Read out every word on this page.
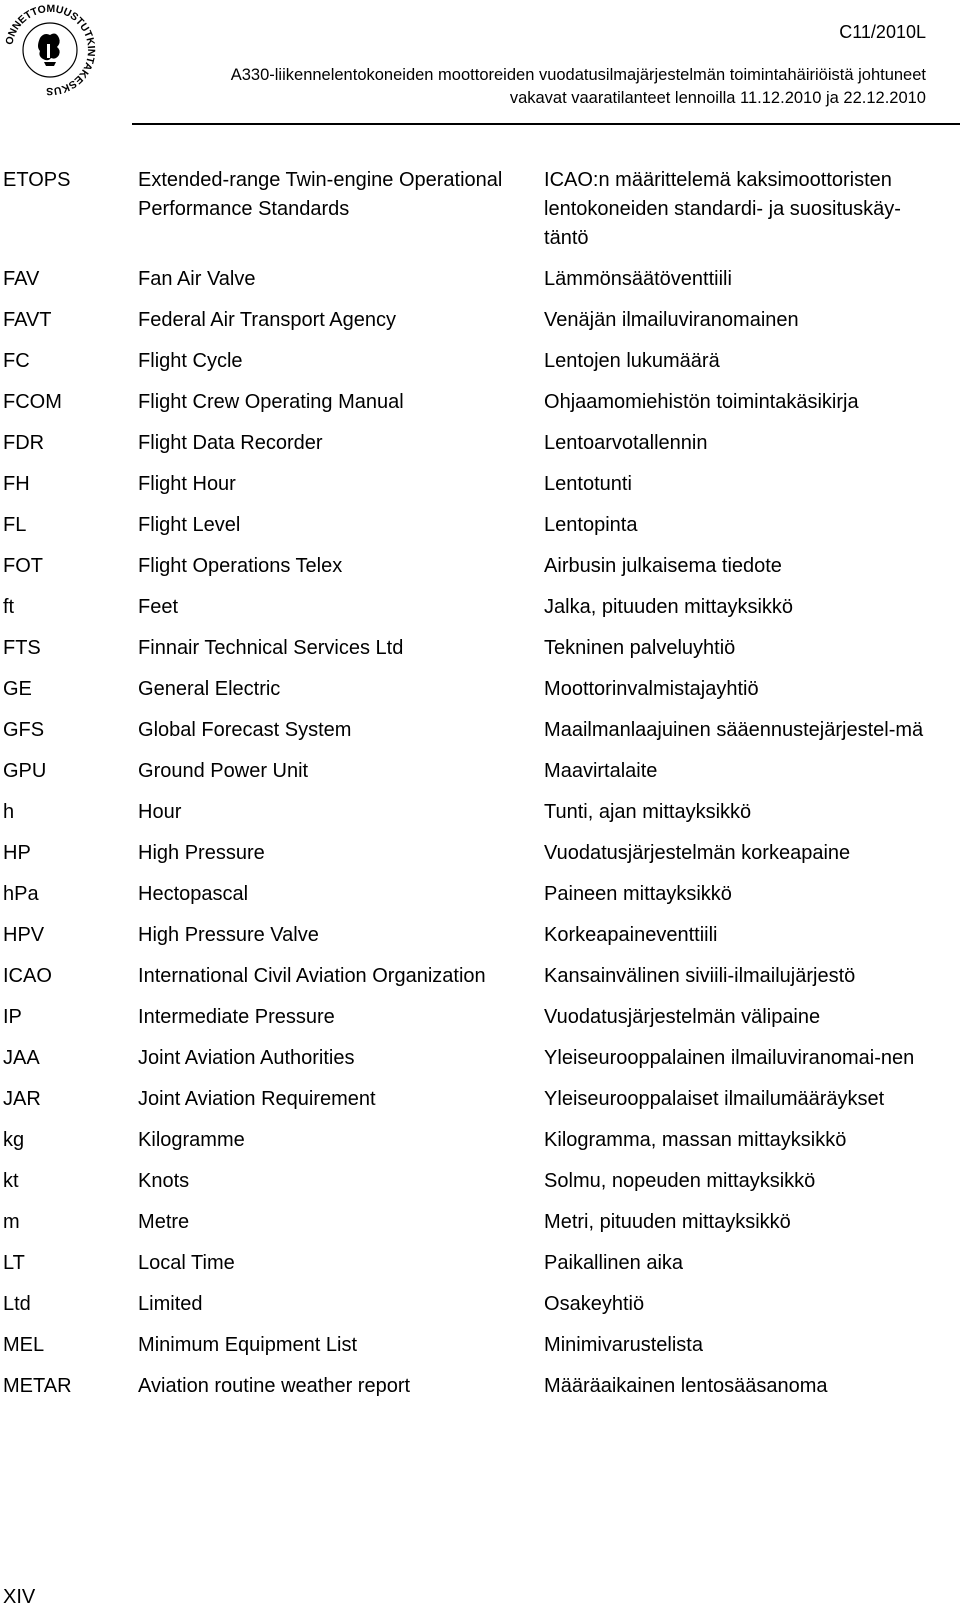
ONNETTOMUUSTUTKINTAKESKUS
C11/2010L
A330-liikennelentokoneiden moottoreiden vuodatusilmajärjestelmän toimintahäiriöistä johtuneet
vakavat vaaratilanteet lennoilla 11.12.2010 ja 22.12.2010
ETOPS	Extended-range Twin-engine Operational Performance Standards	ICAO:n määrittelemä kaksimoottoristen lentokoneiden standardi- ja suosituskäy-täntö
FAV	Fan Air Valve	Lämmönsäätöventtiili
FAVT	Federal Air Transport Agency	Venäjän ilmailuviranomainen
FC	Flight Cycle	Lentojen lukumäärä
FCOM	Flight Crew Operating Manual	Ohjaamomiehistön toimintakäsikirja
FDR	Flight Data Recorder	Lentoarvotallennin
FH	Flight Hour	Lentotunti
FL	Flight Level	Lentopinta
FOT	Flight Operations Telex	Airbusin julkaisema tiedote
ft	Feet	Jalka, pituuden mittayksikkö
FTS	Finnair Technical Services Ltd	Tekninen palveluyhtiö
GE	General Electric	Moottorinvalmistajayhtiö
GFS	Global Forecast System	Maailmanlaajuinen sääennustejärjestel-mä
GPU	Ground Power Unit	Maavirtalaite
h	Hour	Tunti, ajan mittayksikkö
HP	High Pressure	Vuodatusjärjestelmän korkeapaine
hPa	Hectopascal	Paineen mittayksikkö
HPV	High Pressure Valve	Korkeapaineventtiili
ICAO	International Civil Aviation Organization	Kansainvälinen siviili-ilmailujärjestö
IP	Intermediate Pressure	Vuodatusjärjestelmän välipaine
JAA	Joint Aviation Authorities	Yleiseurooppalainen ilmailuviranomai-nen
JAR	Joint Aviation Requirement	Yleiseurooppalaiset ilmailumääräykset
kg	Kilogramme	Kilogramma, massan mittayksikkö
kt	Knots	Solmu, nopeuden mittayksikkö
m	Metre	Metri, pituuden mittayksikkö
LT	Local Time	Paikallinen aika
Ltd	Limited	Osakeyhtiö
MEL	Minimum Equipment List	Minimivarustelista
METAR	Aviation routine weather report	Määräaikainen lentosääsanoma
XIV
